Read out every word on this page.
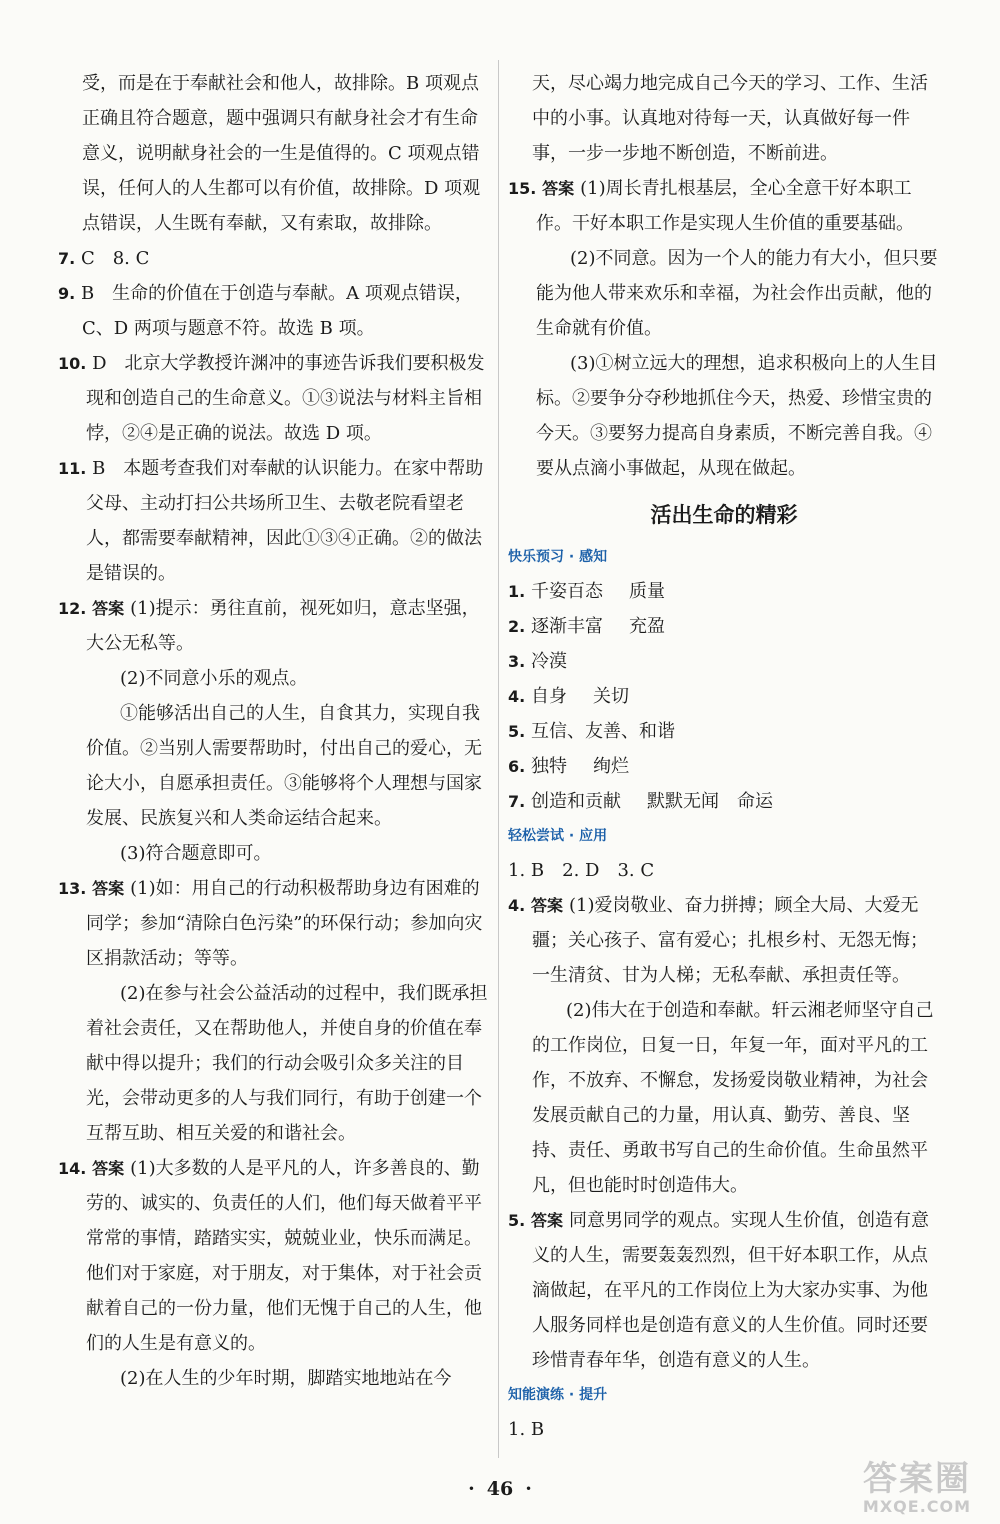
受，而是在于奉献社会和他人，故排除。B 项观点正确且符合题意，题中强调只有献身社会才有生命意义，说明献身社会的一生是值得的。C 项观点错误，任何人的人生都可以有价值，故排除。D 项观点错误，人生既有奉献，又有索取，故排除。

7. C　8. C

9. B　生命的价值在于创造与奉献。A 项观点错误，C、D 两项与题意不符。故选 B 项。

10. D　北京大学教授许渊冲的事迹告诉我们要积极发现和创造自己的生命意义。①③说法与材料主旨相悖，②④是正确的说法。故选 D 项。

11. B　本题考查我们对奉献的认识能力。在家中帮助父母、主动打扫公共场所卫生、去敬老院看望老人，都需要奉献精神，因此①③④正确。②的做法是错误的。

12. 答案 (1)提示：勇往直前，视死如归，意志坚强，大公无私等。

(2)不同意小乐的观点。

①能够活出自己的人生，自食其力，实现自我价值。②当别人需要帮助时，付出自己的爱心，无论大小，自愿承担责任。③能够将个人理想与国家发展、民族复兴和人类命运结合起来。

(3)符合题意即可。

13. 答案 (1)如：用自己的行动积极帮助身边有困难的同学；参加“清除白色污染”的环保行动；参加向灾区捐款活动；等等。

(2)在参与社会公益活动的过程中，我们既承担着社会责任，又在帮助他人，并使自身的价值在奉献中得以提升；我们的行动会吸引众多关注的目光，会带动更多的人与我们同行，有助于创建一个互帮互助、相互关爱的和谐社会。

14. 答案 (1)大多数的人是平凡的人，许多善良的、勤劳的、诚实的、负责任的人们，他们每天做着平平常常的事情，踏踏实实，兢兢业业，快乐而满足。他们对于家庭，对于朋友，对于集体，对于社会贡献着自己的一份力量，他们无愧于自己的人生，他们的人生是有意义的。

(2)在人生的少年时期，脚踏实地地站在今

天，尽心竭力地完成自己今天的学习、工作、生活中的小事。认真地对待每一天，认真做好每一件事，一步一步地不断创造，不断前进。

15. 答案 (1)周长青扎根基层，全心全意干好本职工作。干好本职工作是实现人生价值的重要基础。

(2)不同意。因为一个人的能力有大小，但只要能为他人带来欢乐和幸福，为社会作出贡献，他的生命就有价值。

(3)①树立远大的理想，追求积极向上的人生目标。②要争分夺秒地抓住今天，热爱、珍惜宝贵的今天。③要努力提高自身素质，不断完善自我。④要从点滴小事做起，从现在做起。

活出生命的精彩
快乐预习 · 感知

1. 千姿百态 质量

2. 逐渐丰富 充盈

3. 冷漠

4. 自身 关切

5. 互信、友善、和谐

6. 独特 绚烂

7. 创造和贡献 默默无闻　命运

轻松尝试 · 应用

1. B　2. D　3. C

4. 答案 (1)爱岗敬业、奋力拼搏；顾全大局、大爱无疆；关心孩子、富有爱心；扎根乡村、无怨无悔；一生清贫、甘为人梯；无私奉献、承担责任等。

(2)伟大在于创造和奉献。轩云湘老师坚守自己的工作岗位，日复一日，年复一年，面对平凡的工作，不放弃、不懈怠，发扬爱岗敬业精神，为社会发展贡献自己的力量，用认真、勤劳、善良、坚持、责任、勇敢书写自己的生命价值。生命虽然平凡，但也能时时创造伟大。

5. 答案 同意男同学的观点。实现人生价值，创造有意义的人生，需要轰轰烈烈，但干好本职工作，从点滴做起，在平凡的工作岗位上为大家办实事、为他人服务同样也是创造有意义的人生价值。同时还要珍惜青春年华，创造有意义的人生。

知能演练 · 提升

1. B

· 46 ·	答案圈
MXQE.COM
